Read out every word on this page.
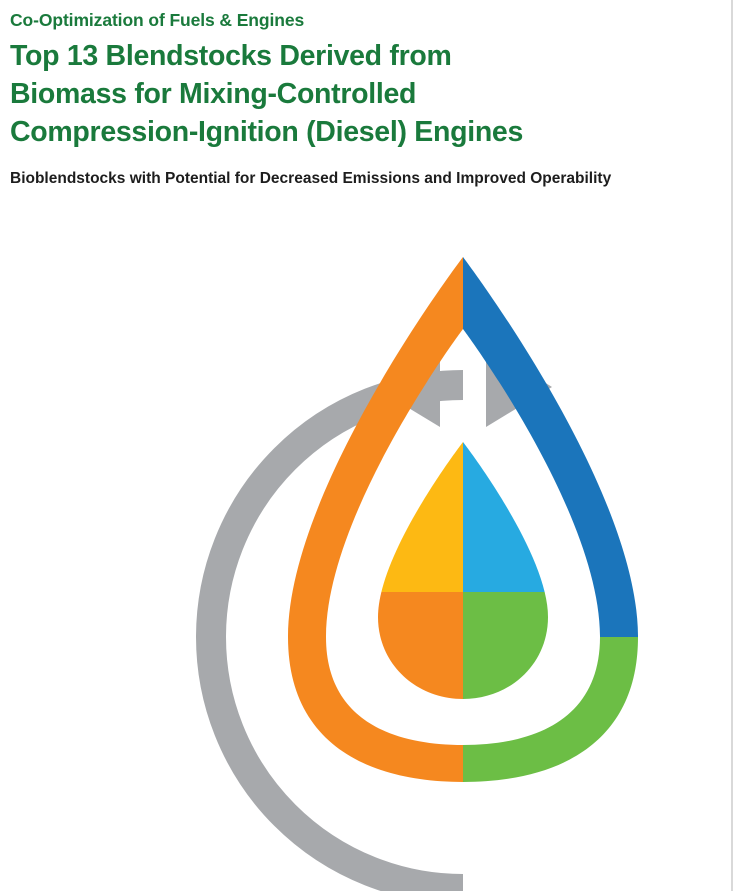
Co-Optimization of Fuels & Engines
Top 13 Blendstocks Derived from
Biomass for Mixing-Controlled
Compression-Ignition (Diesel) Engines
Bioblendstocks with Potential for Decreased Emissions and Improved Operability
